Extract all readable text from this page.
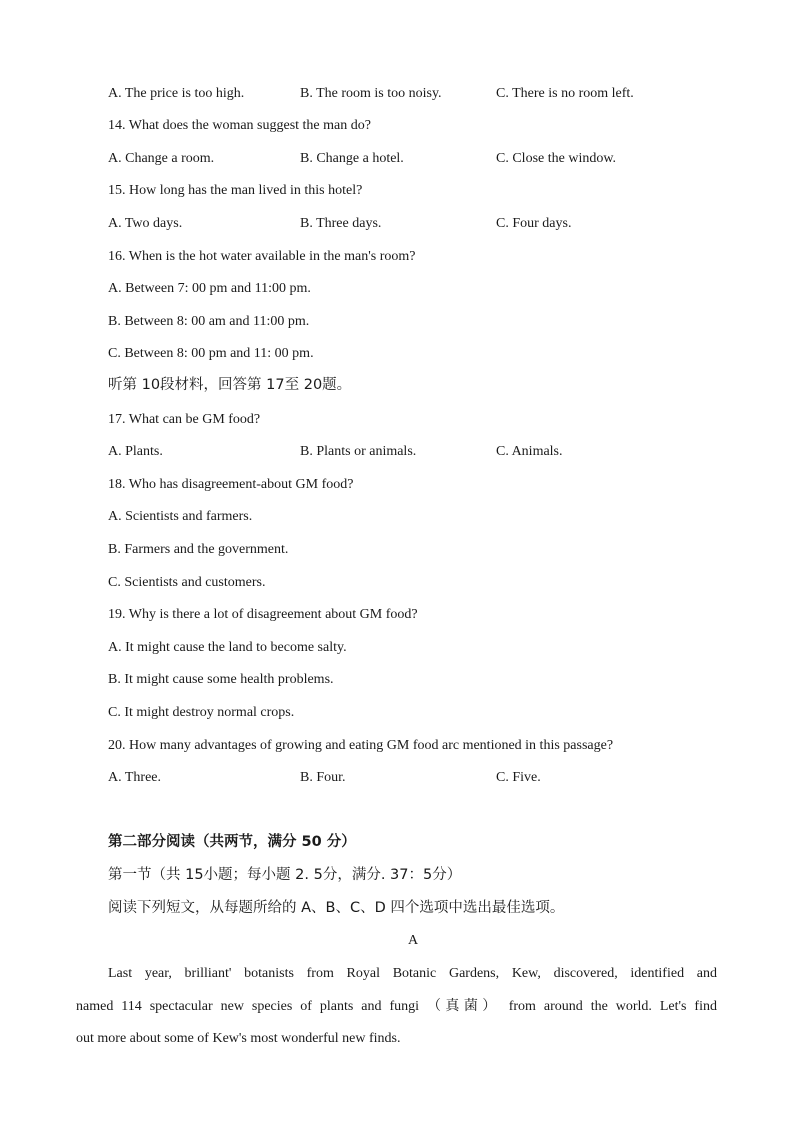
A. The price is too high.	B. The room is too noisy.	C. There is no room left.
14. What does the woman suggest the man do?
A. Change a room.	B. Change a hotel.	C. Close the window.
15. How long has the man lived in this hotel?
A. Two days.	B. Three days.	C. Four days.
16. When is the hot water available in the man's room?
A. Between 7: 00 pm and 11:00 pm.
B. Between 8: 00 am and 11:00 pm.
C. Between 8: 00 pm and 11: 00 pm.
听第 10段材料，回答第 17至 20题。
17. What can be GM food?
A. Plants.	B. Plants or animals.	C. Animals.
18. Who has disagreement-about GM food?
A. Scientists and farmers.
B. Farmers and the government.
C. Scientists and customers.
19. Why is there a lot of disagreement about GM food?
A. It might cause the land to become salty.
B. It might cause some health problems.
C. It might destroy normal crops.
20. How many advantages of growing and eating GM food arc mentioned in this passage?
A. Three.	B. Four.	C. Five.
第二部分阅读（共两节，满分 50 分）
第一节（共 15小题；每小题 2. 5分，满分. 37：5分）
阅读下列短文，从每题所给的 A、B、C、D 四个选项中选出最佳选项。
A
Last year, brilliant' botanists from Royal Botanic Gardens, Kew, discovered, identified and
named 114 spectacular new species of plants and fungi （真菌） from around the world. Let's find
out more about some of Kew's most wonderful new finds.
